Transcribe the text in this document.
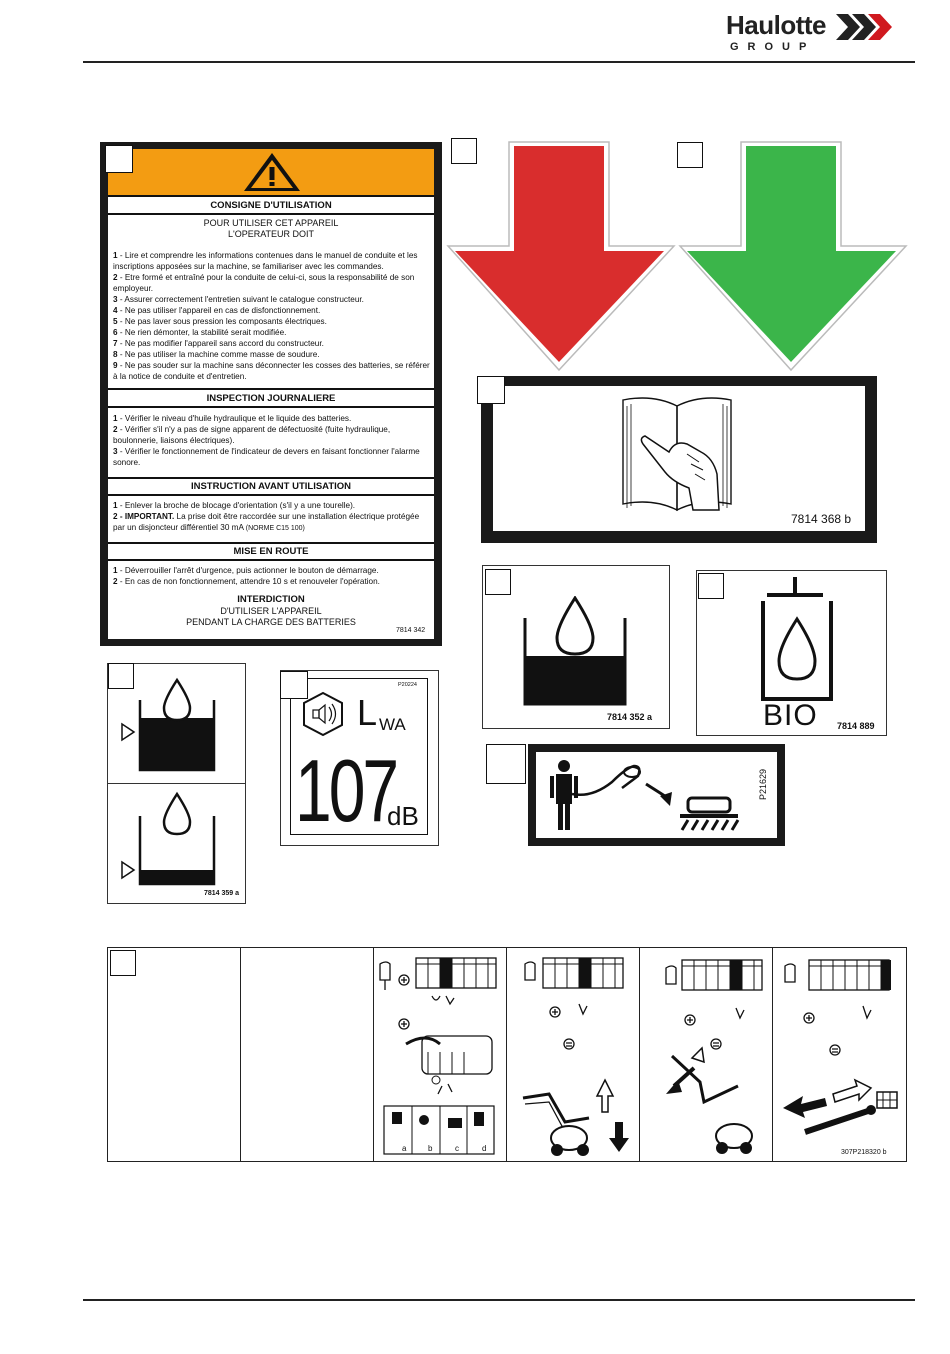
Haulotte
GROUP
CONSIGNE D'UTILISATION
POUR UTILISER CET APPAREIL
L'OPERATEUR DOIT
1 - Lire et comprendre les informations contenues dans le manuel de conduite et les inscriptions apposées sur la machine, se familiariser avec les commandes.
2 - Etre formé et entraîné pour la conduite de celui-ci, sous la responsabilité de son employeur.
3 - Assurer correctement l'entretien suivant le catalogue constructeur.
4 - Ne pas utiliser l'appareil en cas de disfonctionnement.
5 - Ne pas laver sous pression les composants électriques.
6 - Ne rien démonter, la stabilité serait modifiée.
7 - Ne pas modifier l'appareil sans accord du constructeur.
8 - Ne pas utiliser la machine comme masse de soudure.
9 - Ne pas souder sur la machine sans déconnecter les cosses des batteries, se référer à la notice de conduite et d'entretien.
INSPECTION JOURNALIERE
1 - Vérifier le niveau d'huile hydraulique et le liquide des batteries.
2 - Vérifier s'il n'y a pas de signe apparent de défectuosité (fuite hydraulique, boulonnerie, liaisons électriques).
3 - Vérifier le fonctionnement de l'indicateur de devers en faisant fonctionner l'alarme sonore.
INSTRUCTION AVANT UTILISATION
1 - Enlever la broche de blocage d'orientation (s'il y a une tourelle).
2 - IMPORTANT. La prise doit être raccordée sur une installation électrique protégée par un disjoncteur différentiel 30 mA (NORME C15 100)
MISE EN ROUTE
1 - Déverrouiller l'arrêt d'urgence, puis actionner le bouton de démarrage.
2 - En cas de non fonctionnement, attendre 10 s et renouveler l'opération.
INTERDICTION
D'UTILISER L'APPAREIL
PENDANT LA CHARGE DES BATTERIES
7814 342
7814 368 b
7814 352 a	BIO 7814 889
P21629
7814 359 a
P20224
L WA
107
dB
a	b	c	d	307P218320 b
